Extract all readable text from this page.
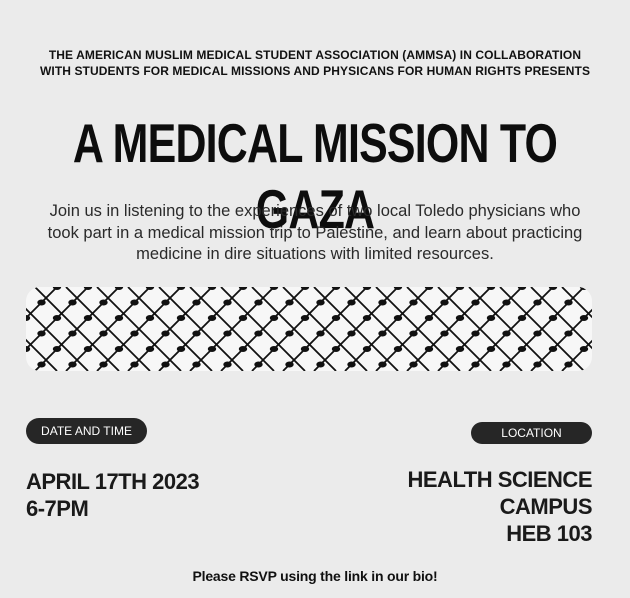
THE AMERICAN MUSLIM MEDICAL STUDENT ASSOCIATION (AMMSA) IN COLLABORATION
WITH STUDENTS FOR MEDICAL MISSIONS AND PHYSICANS FOR HUMAN RIGHTS PRESENTS
A MEDICAL MISSION TO GAZA
Join us in listening to the experiences of two local Toledo physicians who
took part in a medical mission trip to Palestine, and learn about practicing
medicine in dire situations with limited resources.
DATE AND TIME	LOCATION
APRIL 17TH 2023
6-7PM
HEALTH SCIENCE
CAMPUS
HEB 103
Please RSVP using the link in our bio!
